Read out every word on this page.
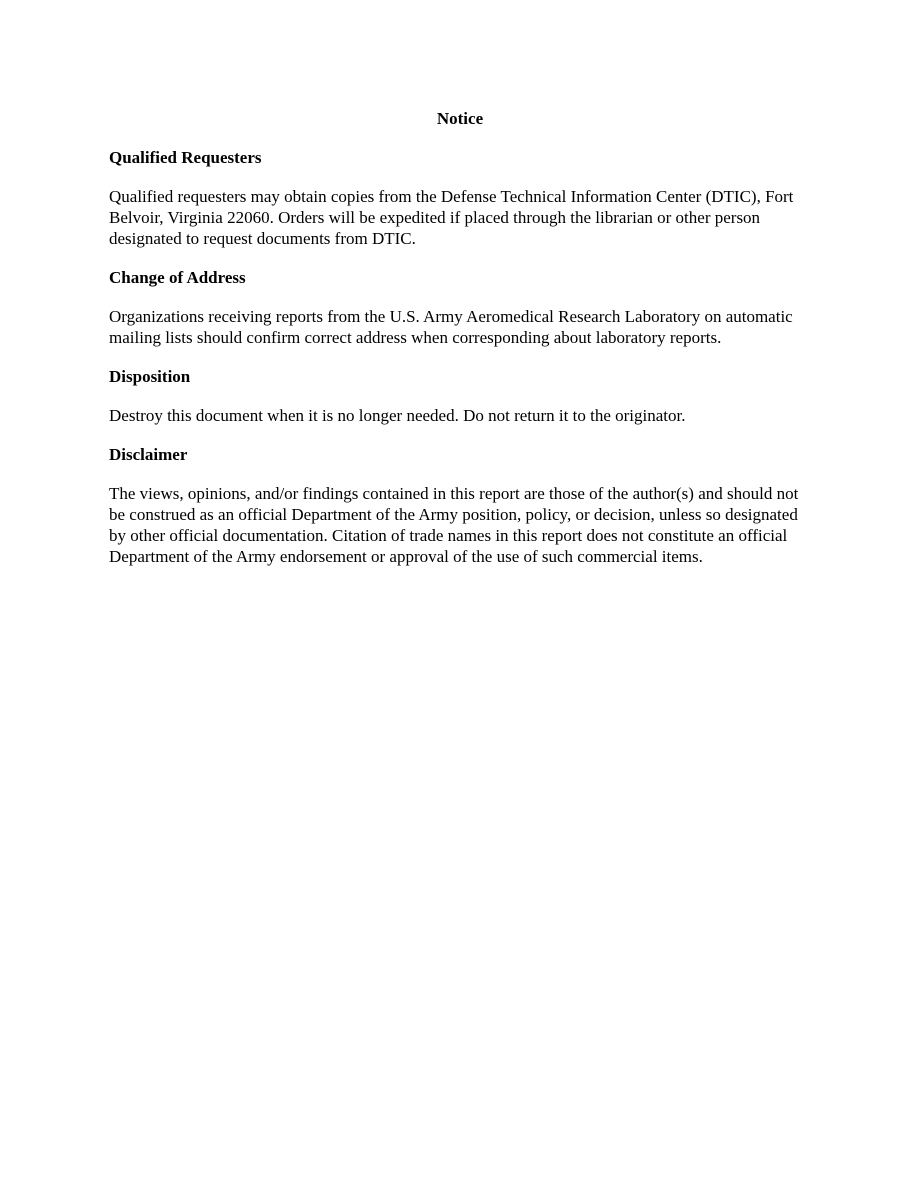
Notice
Qualified Requesters
Qualified requesters may obtain copies from the Defense Technical Information Center (DTIC), Fort Belvoir, Virginia 22060. Orders will be expedited if placed through the librarian or other person designated to request documents from DTIC.
Change of Address
Organizations receiving reports from the U.S. Army Aeromedical Research Laboratory on automatic mailing lists should confirm correct address when corresponding about laboratory reports.
Disposition
Destroy this document when it is no longer needed. Do not return it to the originator.
Disclaimer
The views, opinions, and/or findings contained in this report are those of the author(s) and should not be construed as an official Department of the Army position, policy, or decision, unless so designated by other official documentation. Citation of trade names in this report does not constitute an official Department of the Army endorsement or approval of the use of such commercial items.
